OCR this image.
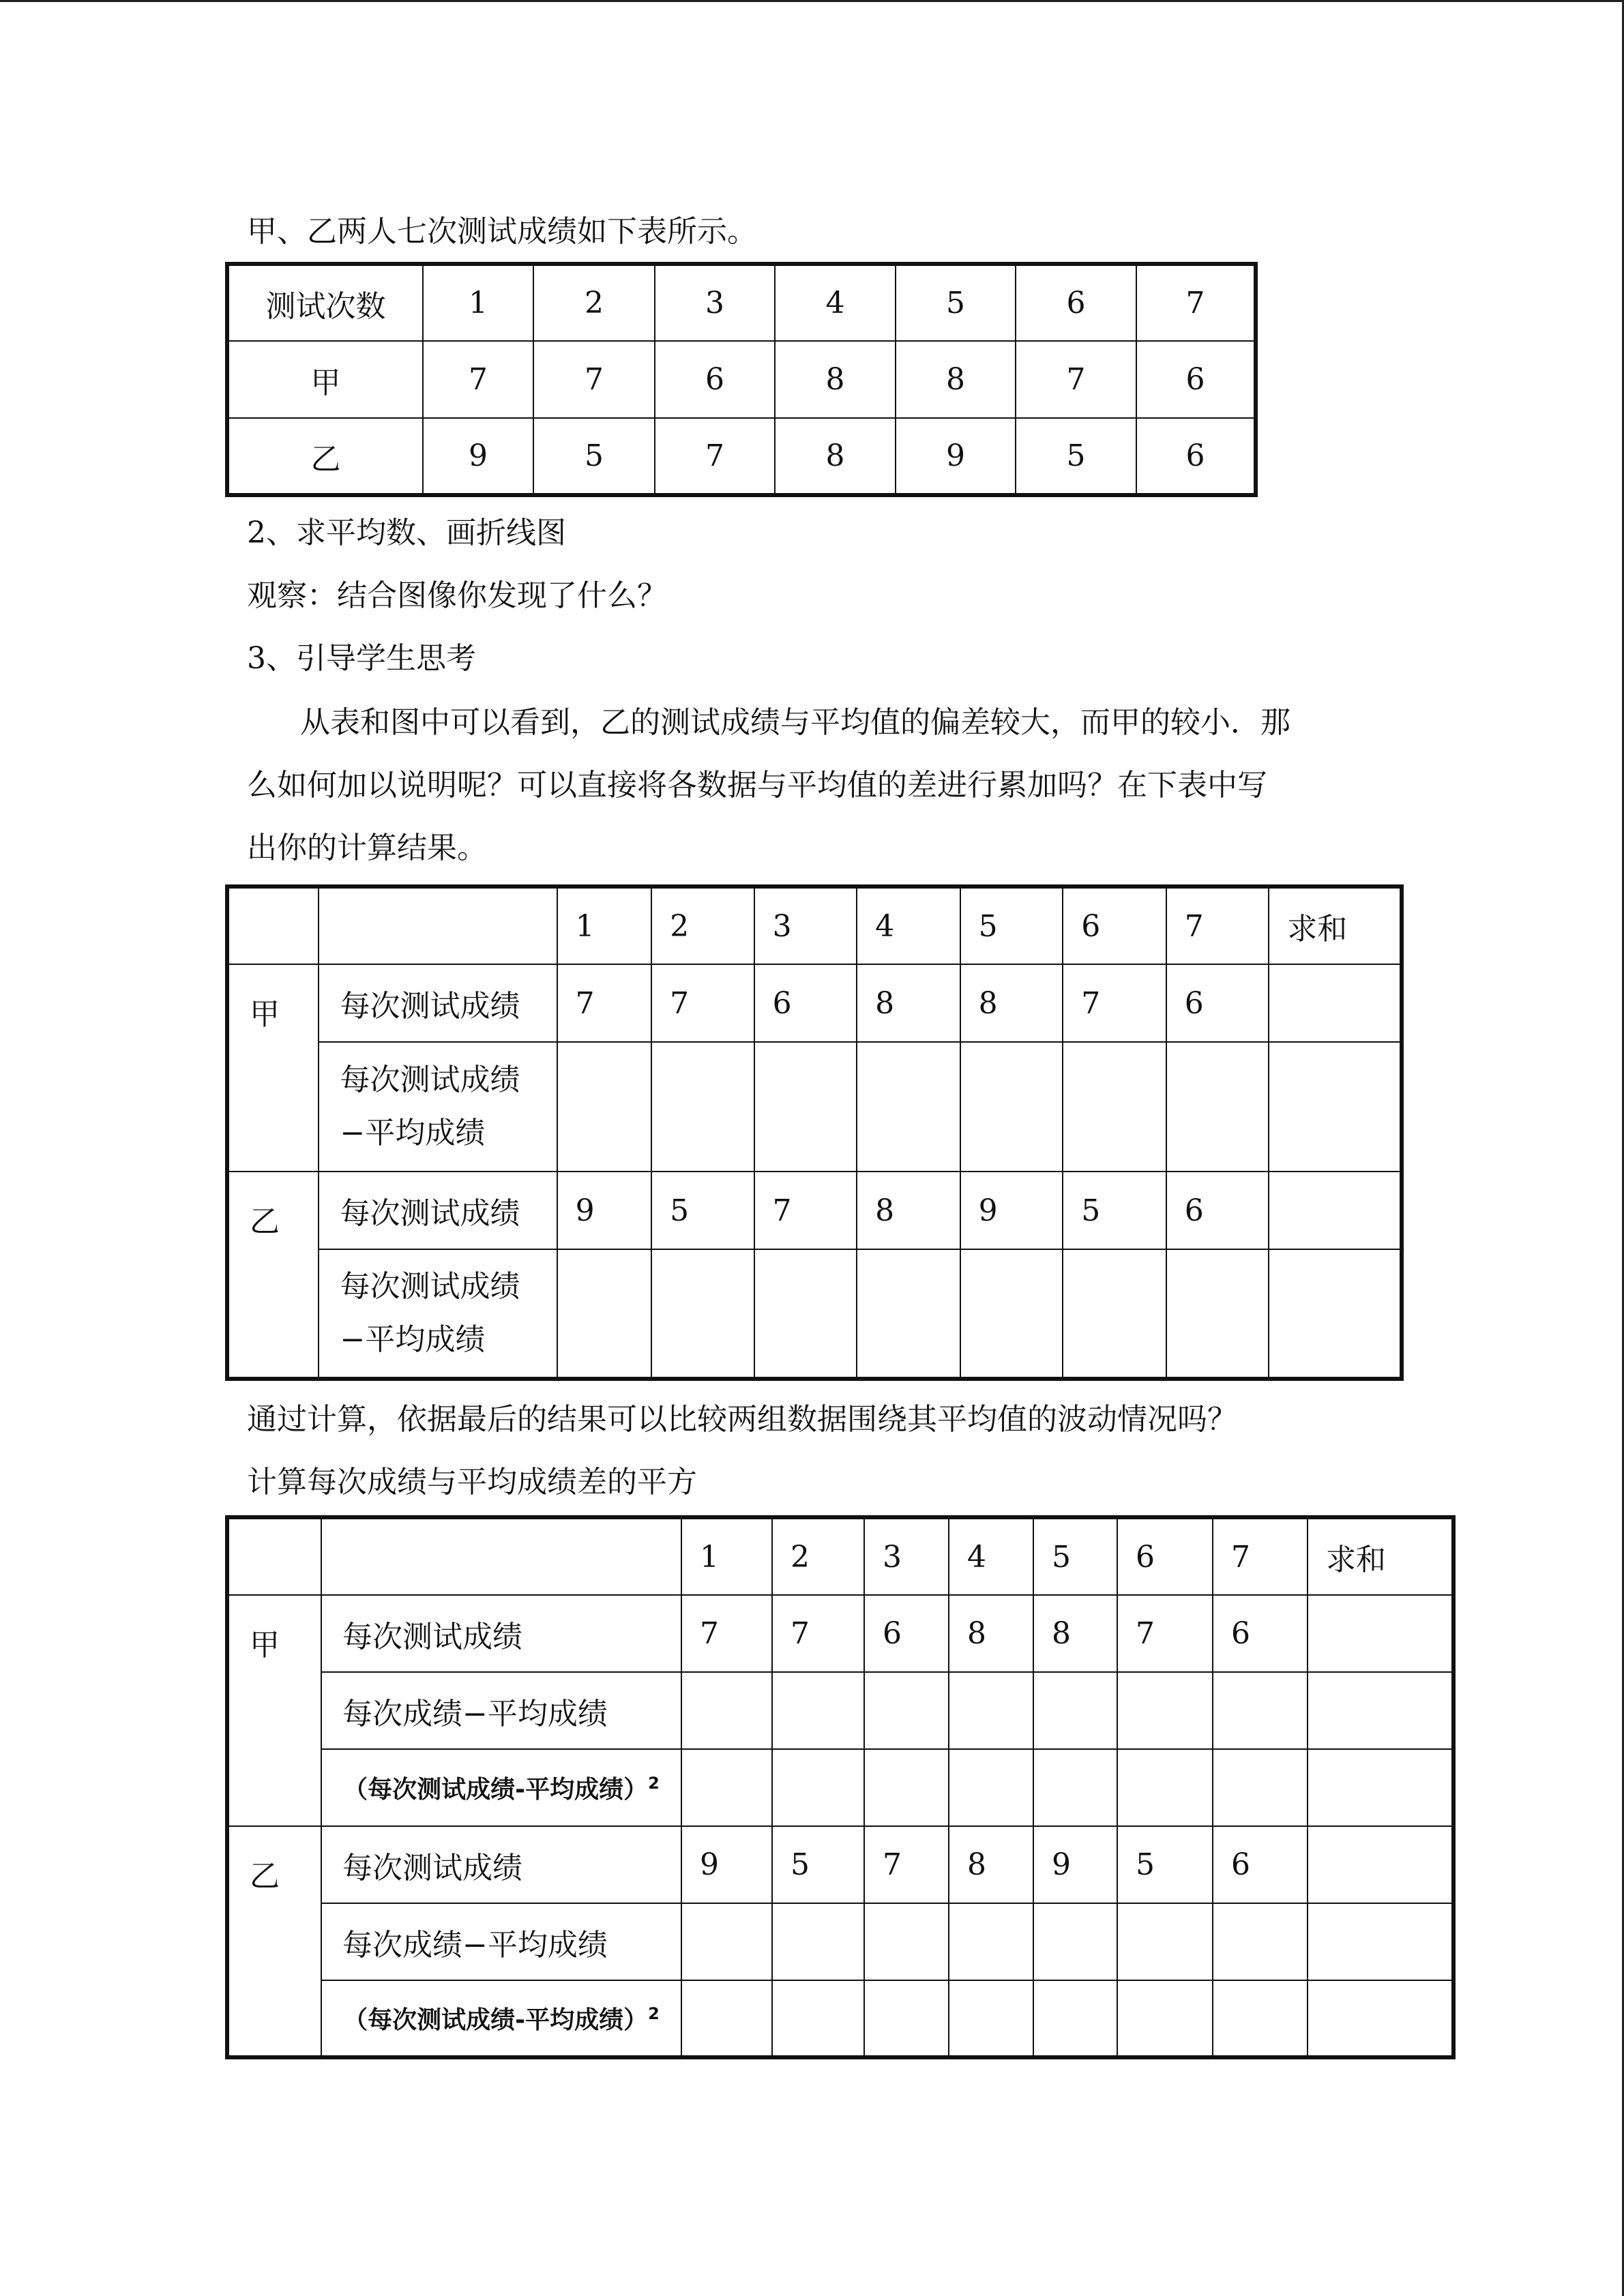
甲、乙两人七次测试成绩如下表所示。
测试次数	1	2	3	4	5	6	7
甲	7	7	6	8	8	7	6
乙	9	5	7	8	9	5	6
2、求平均数、画折线图
观察：结合图像你发现了什么？
3、引导学生思考
从表和图中可以看到，乙的测试成绩与平均值的偏差较大，而甲的较小．那
么如何加以说明呢？可以直接将各数据与平均值的差进行累加吗？在下表中写
出你的计算结果。
		1	2	3	4	5	6	7	求和
甲	每次测试成绩	7	7	6	8	8	7	6	

	每次测试成绩
−平均成绩								

乙	每次测试成绩	9	5	7	8	9	5	6	

	每次测试成绩
−平均成绩								

通过计算，依据最后的结果可以比较两组数据围绕其平均值的波动情况吗？
计算每次成绩与平均成绩差的平方
		1	2	3	4	5	6	7	求和
甲	每次测试成绩	7	7	6	8	8	7	6	
	每次成绩−平均成绩								
	（每次测试成绩-平均成绩）$^2$								
乙	每次测试成绩	9	5	7	8	9	5	6	
	每次成绩−平均成绩								
	（每次测试成绩-平均成绩）$^2$								
